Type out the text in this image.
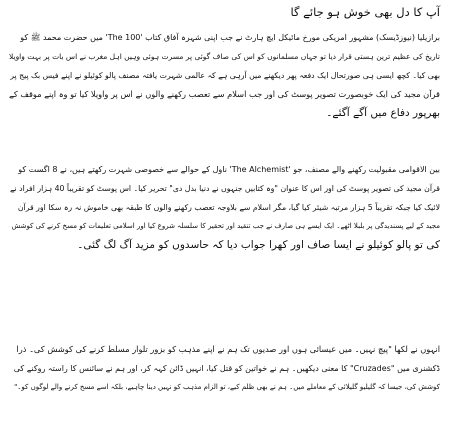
آپ کا دل بھی خوش ہو جائے گا
برازیلیا (نیوزڈیسک) مشہور امریکی مورخ مائیکل ایچ ہارٹ نے جب اپنی شہرہ آفاق کتاب 'The 100' میں حضرت محمد ﷺ کو
تاریخ کی عظیم ترین ہستی قرار دیا تو جہاں مسلمانوں کو اس کی صاف گوئی پر مسرت ہوئی وہیں اہل مغرب نے اس بات پر بہت واویلا
بھی کیا۔ کچھ ایسی ہی صورتحال ایک دفعہ پھر دیکھنے میں آرہی ہے کہ عالمی شہرت یافتہ مصنف پالو کوئیلو نے اپنے فیس بک پیج پر
قرآن مجید کی ایک خوبصورت تصویر پوسٹ کی اور جب اسلام سے تعصب رکھنے والوں نے اس پر واویلا کیا تو وہ اپنے موقف کے
بھرپور دفاع میں آگے آگئے۔
بین الاقوامی مقبولیت رکھنے والے مصنف، جو 'The Alchemist' ناول کے حوالے سے خصوصی شہرت رکھتے ہیں، نے 8 اگست کو
قرآن مجید کی تصویر پوسٹ کی اور اس کا عنوان "وہ کتابیں جنہوں نے دنیا بدل دی" تحریر کیا۔ اس پوسٹ کو تقریباً 40 ہزار افراد نے
لائیک کیا جبکہ تقریباً 5 ہزار مرتبہ شیئر کیا گیا، مگر اسلام سے بلاوجہ تعصب رکھنے والوں کا طبقہ بھی خاموش نہ رہ سکا اور قرآن
مجید کے لیے پسندیدگی پر بلبلا اٹھے۔ ایک ایسے ہی صارف نے جب تنقید اور تحقیر کا سلسلہ شروع کیا اور اسلامی تعلیمات کو مسخ کرنے کی کوشش
کی تو پالو کوئیلو نے ایسا صاف اور کھرا جواب دیا کہ حاسدوں کو مزید آگ لگ گئی۔
انہوں نے لکھا "پیچ نہیں۔ میں عیسائی ہوں اور صدیوں تک ہم نے اپنے مذہب کو بزور تلوار مسلط کرنے کی کوشش کی۔ ذرا
ڈکشنری میں "Cruzades" کا معنی دیکھیں۔ ہم نے خواتین کو قتل کیا، انہیں ڈائن کہہ کر، اور ہم نے سائنس کا راستہ روکنے کی
کوشش کی، جیسا کہ گلیلیو گلیلائی کے معاملے میں۔ ہم نے بھی ظلم کیے، تو الزام مذہب کو نہیں دینا چاہیے، بلکہ اسے مسخ کرنے والے لوگوں کو۔"
